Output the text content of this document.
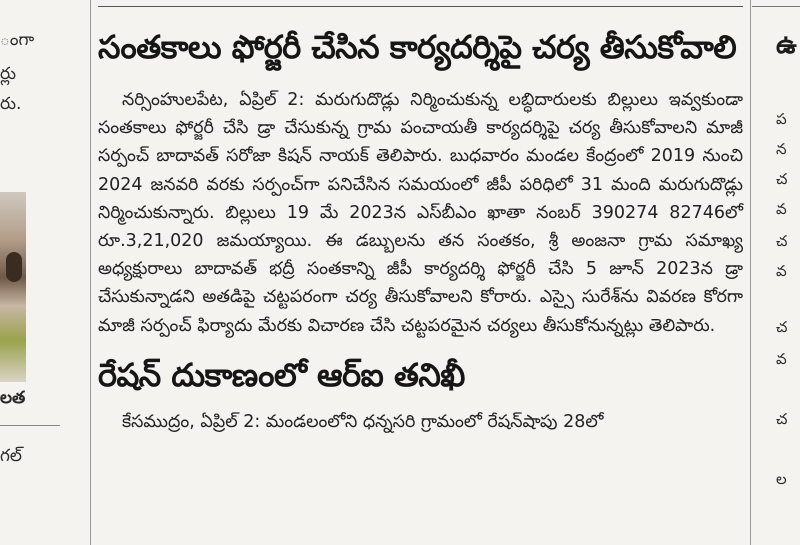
ంగా
ర్లు
రు.
లత
గల్
ఉ
ప
న
చ
వ
చ
వ
చ
వ
చ
ల
సంతకాలు ఫోర్జరీ చేసిన కార్యదర్శిపై చర్య తీసుకోవాలి

నర్సింహులపేట, ఏప్రిల్ 2: మరుగుదొడ్లు నిర్మించుకున్న లబ్ధిదారులకు బిల్లులు ఇవ్వకుండా సంతకాలు ఫోర్జరీ చేసి డ్రా చేసుకున్న గ్రామ పంచాయతీ కార్యదర్శిపై చర్య తీసుకోవాలని మాజీ సర్పంచ్ బాదావత్ సరోజా కిషన్ నాయక్ తెలిపారు. బుధవారం మండల కేంద్రంలో 2019 నుంచి 2024 జనవరి వరకు సర్పంచ్‌గా పనిచేసిన సమయంలో జీపీ పరిధిలో 31 మంది మరుగుదొడ్లు నిర్మించుకున్నారు. బిల్లులు 19 మే 2023న ఎస్‌బీఎం ఖాతా నంబర్ 390274 82746లో రూ.3,21,020 జమయ్యాయి. ఈ డబ్బులను తన సంతకం, శ్రీ అంజనా గ్రామ సమాఖ్య అధ్యక్షురాలు బాదావత్ భద్రీ సంతకాన్ని జీపీ కార్యదర్శి ఫోర్జరీ చేసి 5 జూన్ 2023న డ్రా చేసుకున్నాడని అతడిపై చట్టపరంగా చర్య తీసుకోవాలని కోరారు. ఎస్సై సురేశ్‌ను వివరణ కోరగా మాజీ సర్పంచ్ ఫిర్యాదు మేరకు విచారణ చేసి చట్టపరమైన చర్యలు తీసుకోనున్నట్లు తెలిపారు.

రేషన్ దుకాణంలో ఆర్ఐ తనిఖీ

కేసముద్రం, ఏప్రిల్ 2: మండలంలోని ధన్నసరి గ్రామంలో రేషన్‌షాపు 28లో
